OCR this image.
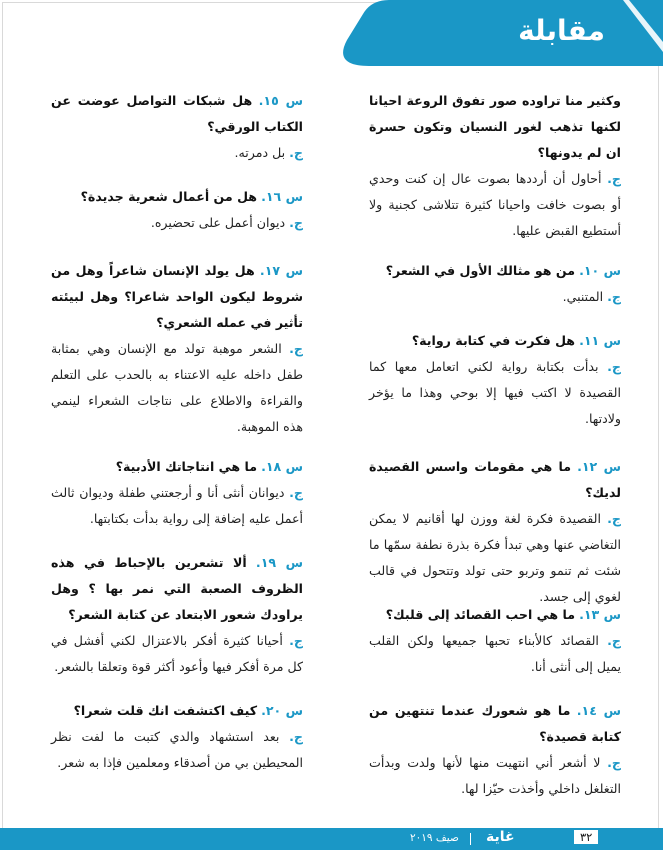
مقابلة
وكثير منا تراوده صور تفوق الروعة احيانا لكنها تذهب لغور النسيان وتكون حسرة ان لم يدونها؟
ج. أحاول أن أرددها بصوت عال إن كنت وحدي أو بصوت خافت واحيانا كثيرة تتلاشى كجنية ولا أستطيع القبض عليها.
س ١٠. من هو مثالك الأول في الشعر؟
ج. المتنبي.
س ١١. هل فكرت في كتابة رواية؟
ج. بدأت بكتابة رواية لكني اتعامل معها كما القصيدة لا اكتب فيها إلا بوحي وهذا ما يؤخر ولادتها.
س ١٢. ما هي مقومات واسس القصيدة لديك؟
ج. القصيدة فكرة لغة ووزن لها أقانيم لا يمكن التغاضي عنها وهي تبدأ فكرة بذرة نطفة سمّها ما شئت ثم تنمو وتربو حتى تولد وتتحول في قالب لغوي إلى جسد.
س ١٣. ما هي احب القصائد إلى قلبك؟
ج. القصائد كالأبناء تحبها جميعها ولكن القلب يميل إلى أنثى أنا.
س ١٤. ما هو شعورك عندما تنتهين من كتابة قصيدة؟
ج. لا أشعر أني انتهيت منها لأنها ولدت وبدأت التغلغل داخلي وأخذت حيّزا لها.
س ١٥. هل شبكات التواصل عوضت عن الكتاب الورقي؟
ج. بل دمرته.
س ١٦. هل من أعمال شعرية جديدة؟
ج. ديوان أعمل على تحضيره.
س ١٧. هل يولد الإنسان شاعراً وهل من شروط ليكون الواحد شاعرا؟ وهل لبيئته تأثير في عمله الشعري؟
ج. الشعر موهبة تولد مع الإنسان وهي بمثابة طفل داخله عليه الاعتناء به بالحدب على التعلم والقراءة والاطلاع على نتاجات الشعراء لينمي هذه الموهبة.
س ١٨. ما هي انتاجاتك الأدبية؟
ج. ديوانان أنثى أنا و أرجعتني طفلة وديوان ثالث أعمل عليه إضافة إلى رواية بدأت بكتابتها.
س ١٩. ألا تشعرين بالإحباط في هذه الظروف الصعبة التي نمر بها ؟ وهل يراودك شعور الابتعاد عن كتابة الشعر؟
ج. أحيانا كثيرة أفكر بالاعتزال لكني أفشل في كل مرة أفكر فيها وأعود أكثر قوة وتعلقا بالشعر.
س ٢٠. كيف اكتشفت انك قلت شعرا؟
ج. بعد استشهاد والدي كتبت ما لفت نظر المحيطين بي من أصدقاء ومعلمين فإذا به شعر.
غاية
صيف ٢٠١٩	٣٢
